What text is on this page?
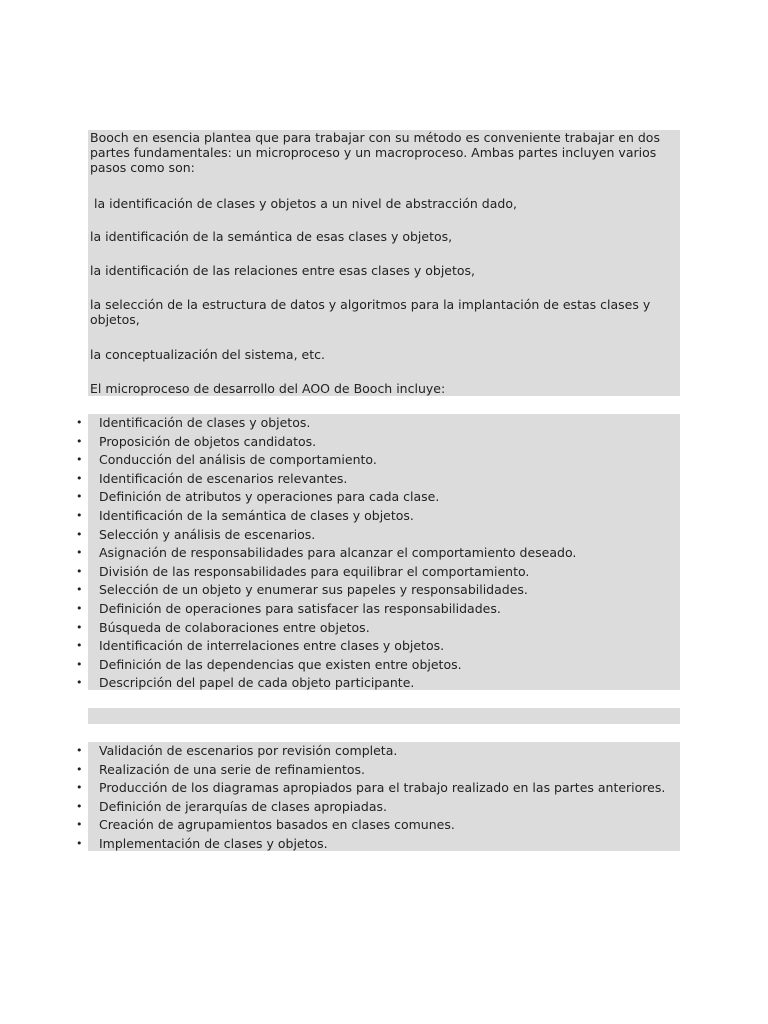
Booch en esencia plantea que para trabajar con su método es conveniente trabajar en dos partes fundamentales: un microproceso y un macroproceso. Ambas partes incluyen varios pasos como son:

la identificación de clases y objetos a un nivel de abstracción dado,

la identificación de la semántica de esas clases y objetos,

la identificación de las relaciones entre esas clases y objetos,

la selección de la estructura de datos y algoritmos para la implantación de estas clases y objetos,

la conceptualización del sistema, etc.

El microproceso de desarrollo del AOO de Booch incluye:

• Identificación de clases y objetos.
• Proposición de objetos candidatos.
• Conducción del análisis de comportamiento.
• Identificación de escenarios relevantes.
• Definición de atributos y operaciones para cada clase.
• Identificación de la semántica de clases y objetos.
• Selección y análisis de escenarios.
• Asignación de responsabilidades para alcanzar el comportamiento deseado.
• División de las responsabilidades para equilibrar el comportamiento.
• Selección de un objeto y enumerar sus papeles y responsabilidades.
• Definición de operaciones para satisfacer las responsabilidades.
• Búsqueda de colaboraciones entre objetos.
• Identificación de interrelaciones entre clases y objetos.
• Definición de las dependencias que existen entre objetos.
• Descripción del papel de cada objeto participante.
• Validación de escenarios por revisión completa.
• Realización de una serie de refinamientos.
• Producción de los diagramas apropiados para el trabajo realizado en las partes anteriores.
• Definición de jerarquías de clases apropiadas.
• Creación de agrupamientos basados en clases comunes.
• Implementación de clases y objetos.
